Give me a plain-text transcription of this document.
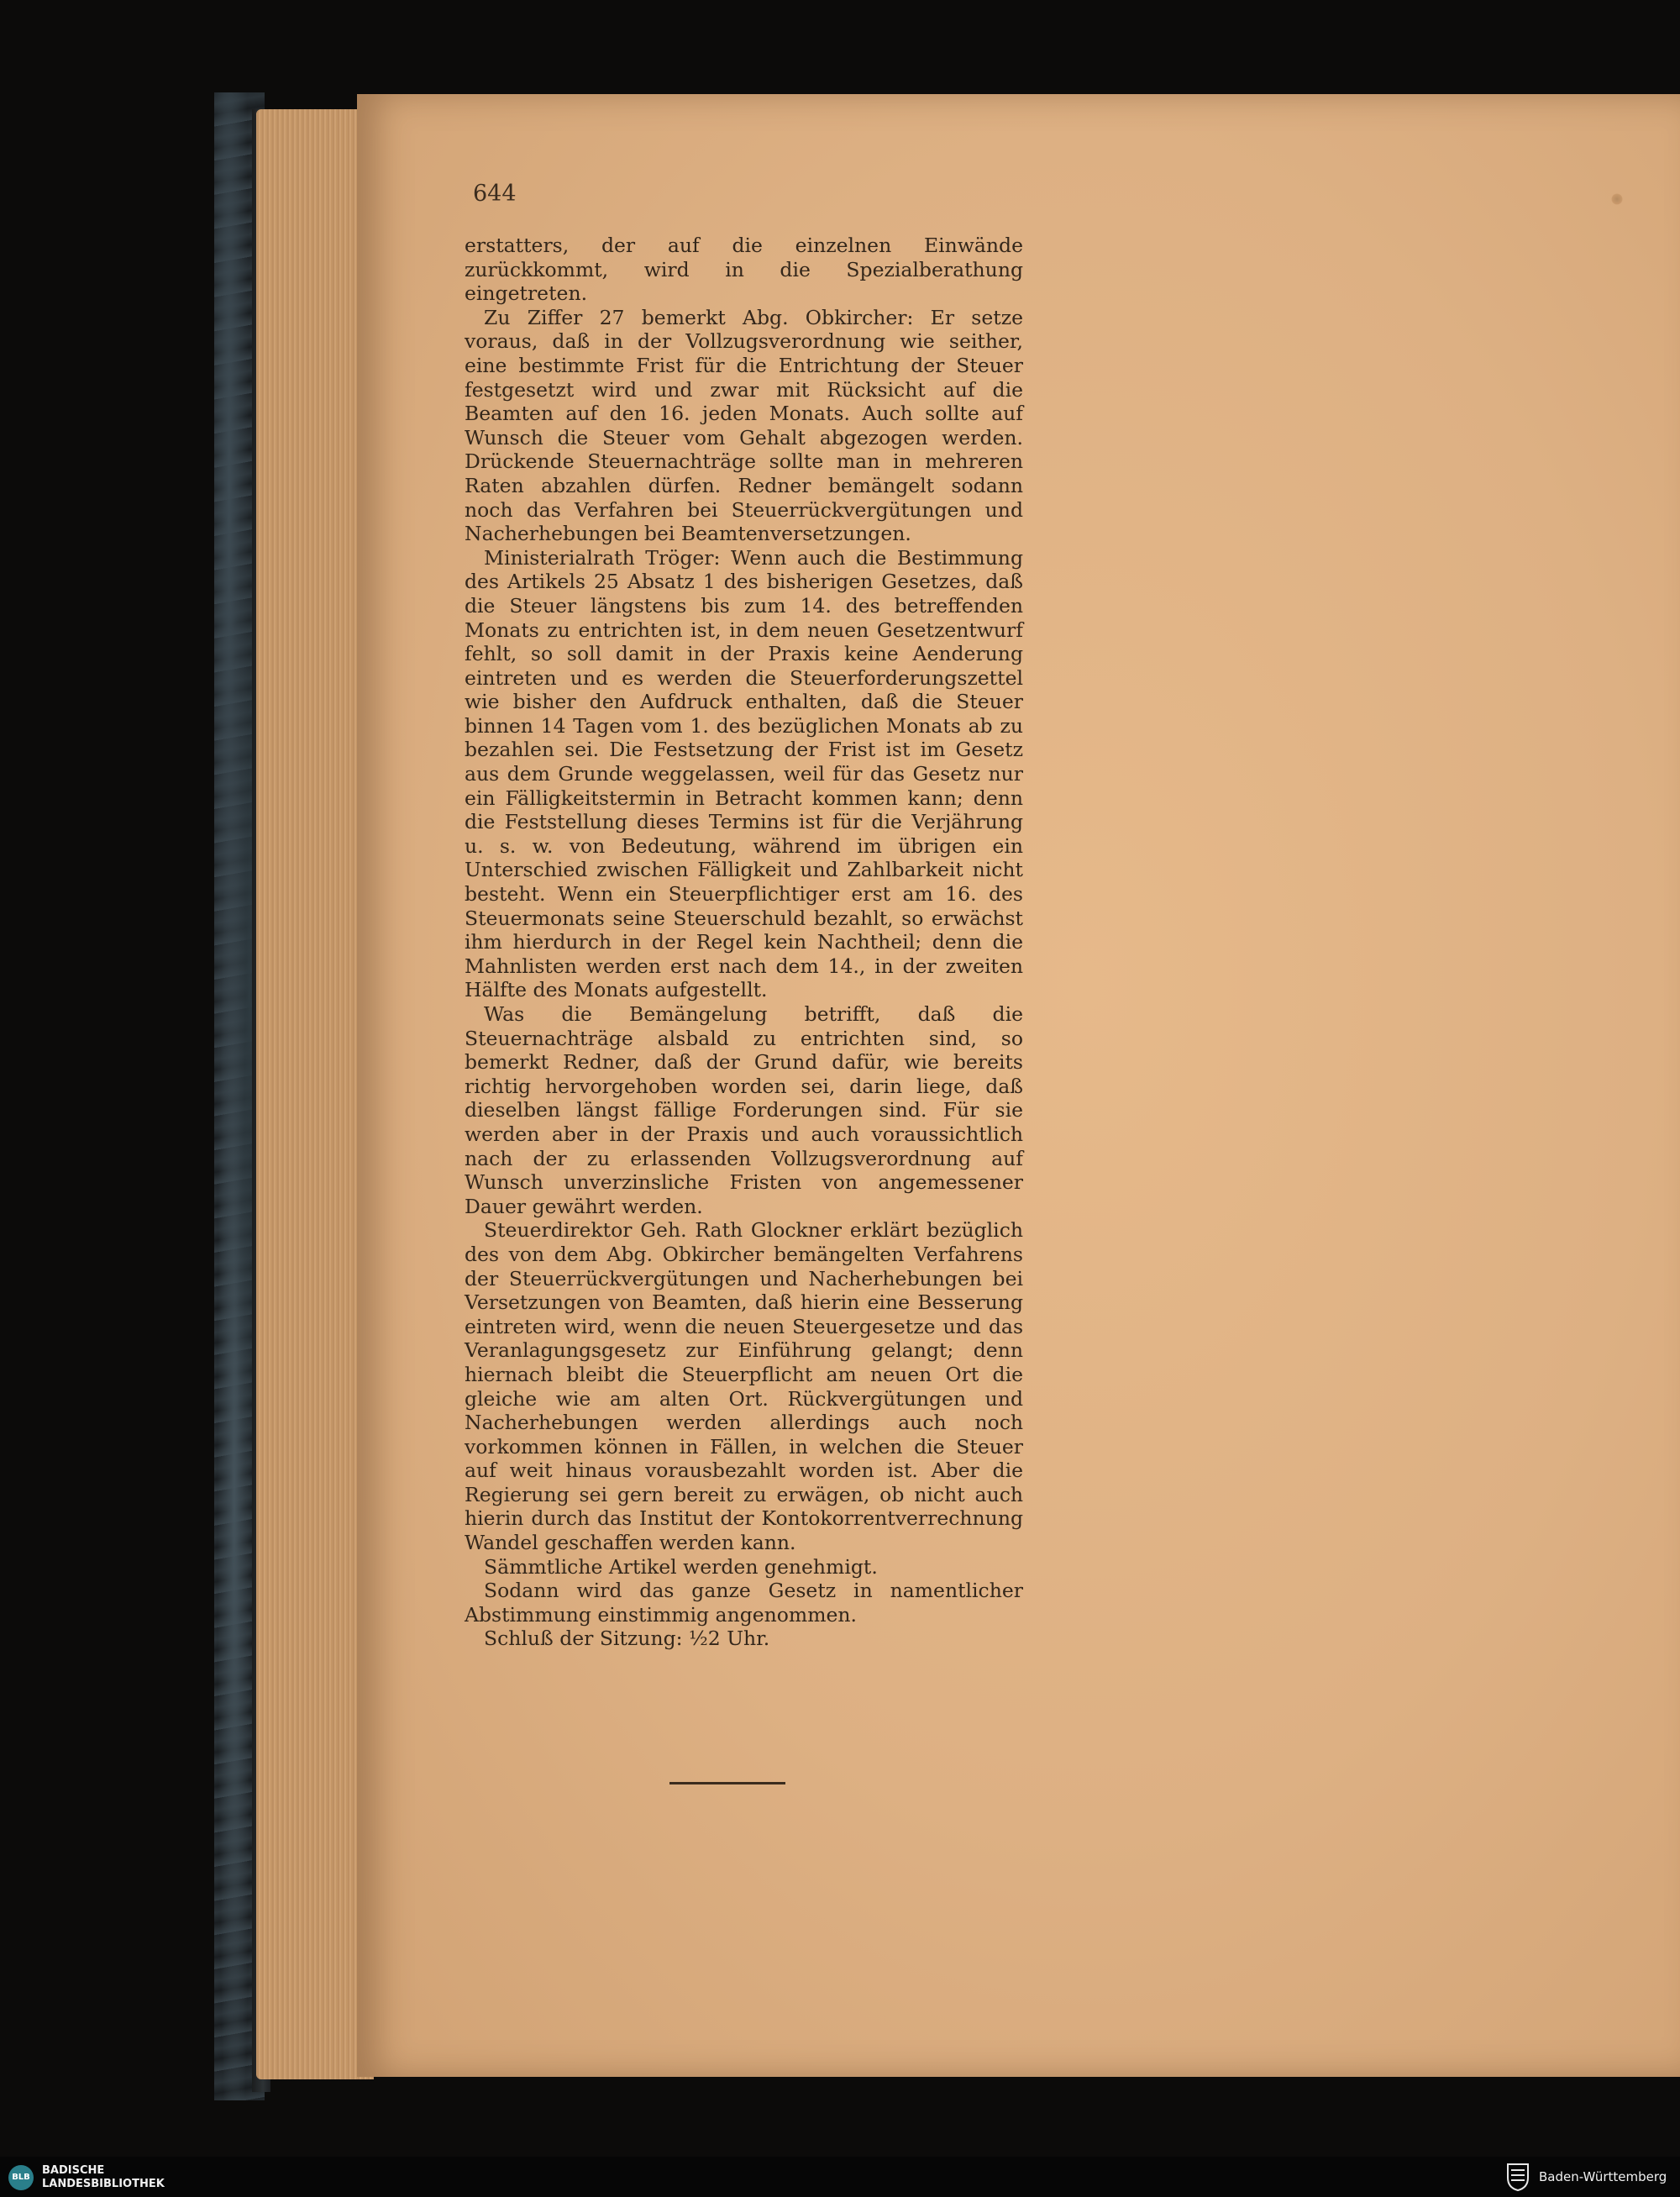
644

erstatters, der auf die einzelnen Einwände zurückkommt, wird in die Spezialberathung eingetreten.

Zu Ziffer 27 bemerkt Abg. Obkircher: Er setze voraus, daß in der Vollzugsverordnung wie seither, eine bestimmte Frist für die Entrichtung der Steuer festgesetzt wird und zwar mit Rücksicht auf die Beamten auf den 16. jeden Monats. Auch sollte auf Wunsch die Steuer vom Gehalt abgezogen werden. Drückende Steuernachträge sollte man in mehreren Raten abzahlen dürfen. Redner bemängelt sodann noch das Verfahren bei Steuerrückvergütungen und Nacherhebungen bei Beamtenversetzungen.

Ministerialrath Tröger: Wenn auch die Bestimmung des Artikels 25 Absatz 1 des bisherigen Gesetzes, daß die Steuer längstens bis zum 14. des betreffenden Monats zu entrichten ist, in dem neuen Gesetzentwurf fehlt, so soll damit in der Praxis keine Aenderung eintreten und es werden die Steuerforderungszettel wie bisher den Aufdruck enthalten, daß die Steuer binnen 14 Tagen vom 1. des bezüglichen Monats ab zu bezahlen sei. Die Festsetzung der Frist ist im Gesetz aus dem Grunde weggelassen, weil für das Gesetz nur ein Fälligkeitstermin in Betracht kommen kann; denn die Feststellung dieses Termins ist für die Verjährung u. s. w. von Bedeutung, während im übrigen ein Unterschied zwischen Fälligkeit und Zahlbarkeit nicht besteht. Wenn ein Steuerpflichtiger erst am 16. des Steuermonats seine Steuerschuld bezahlt, so erwächst ihm hierdurch in der Regel kein Nachtheil; denn die Mahnlisten werden erst nach dem 14., in der zweiten Hälfte des Monats aufgestellt.

Was die Bemängelung betrifft, daß die Steuernachträge alsbald zu entrichten sind, so bemerkt Redner, daß der Grund dafür, wie bereits richtig hervorgehoben worden sei, darin liege, daß dieselben längst fällige Forderungen sind. Für sie werden aber in der Praxis und auch voraussichtlich nach der zu erlassenden Vollzugsverordnung auf Wunsch unverzinsliche Fristen von angemessener Dauer gewährt werden.

Steuerdirektor Geh. Rath Glockner erklärt bezüglich des von dem Abg. Obkircher bemängelten Verfahrens der Steuerrückvergütungen und Nacherhebungen bei Versetzungen von Beamten, daß hierin eine Besserung eintreten wird, wenn die neuen Steuergesetze und das Veranlagungsgesetz zur Einführung gelangt; denn hiernach bleibt die Steuerpflicht am neuen Ort die gleiche wie am alten Ort. Rückvergütungen und Nacherhebungen werden allerdings auch noch vorkommen können in Fällen, in welchen die Steuer auf weit hinaus vorausbezahlt worden ist. Aber die Regierung sei gern bereit zu erwägen, ob nicht auch hierin durch das Institut der Kontokorrentverrechnung Wandel geschaffen werden kann.

Sämmtliche Artikel werden genehmigt.

Sodann wird das ganze Gesetz in namentlicher Abstimmung einstimmig angenommen.

Schluß der Sitzung: ½2 Uhr.

BLB
BADISCHE
LANDESBIBLIOTHEK	Baden-Württemberg
